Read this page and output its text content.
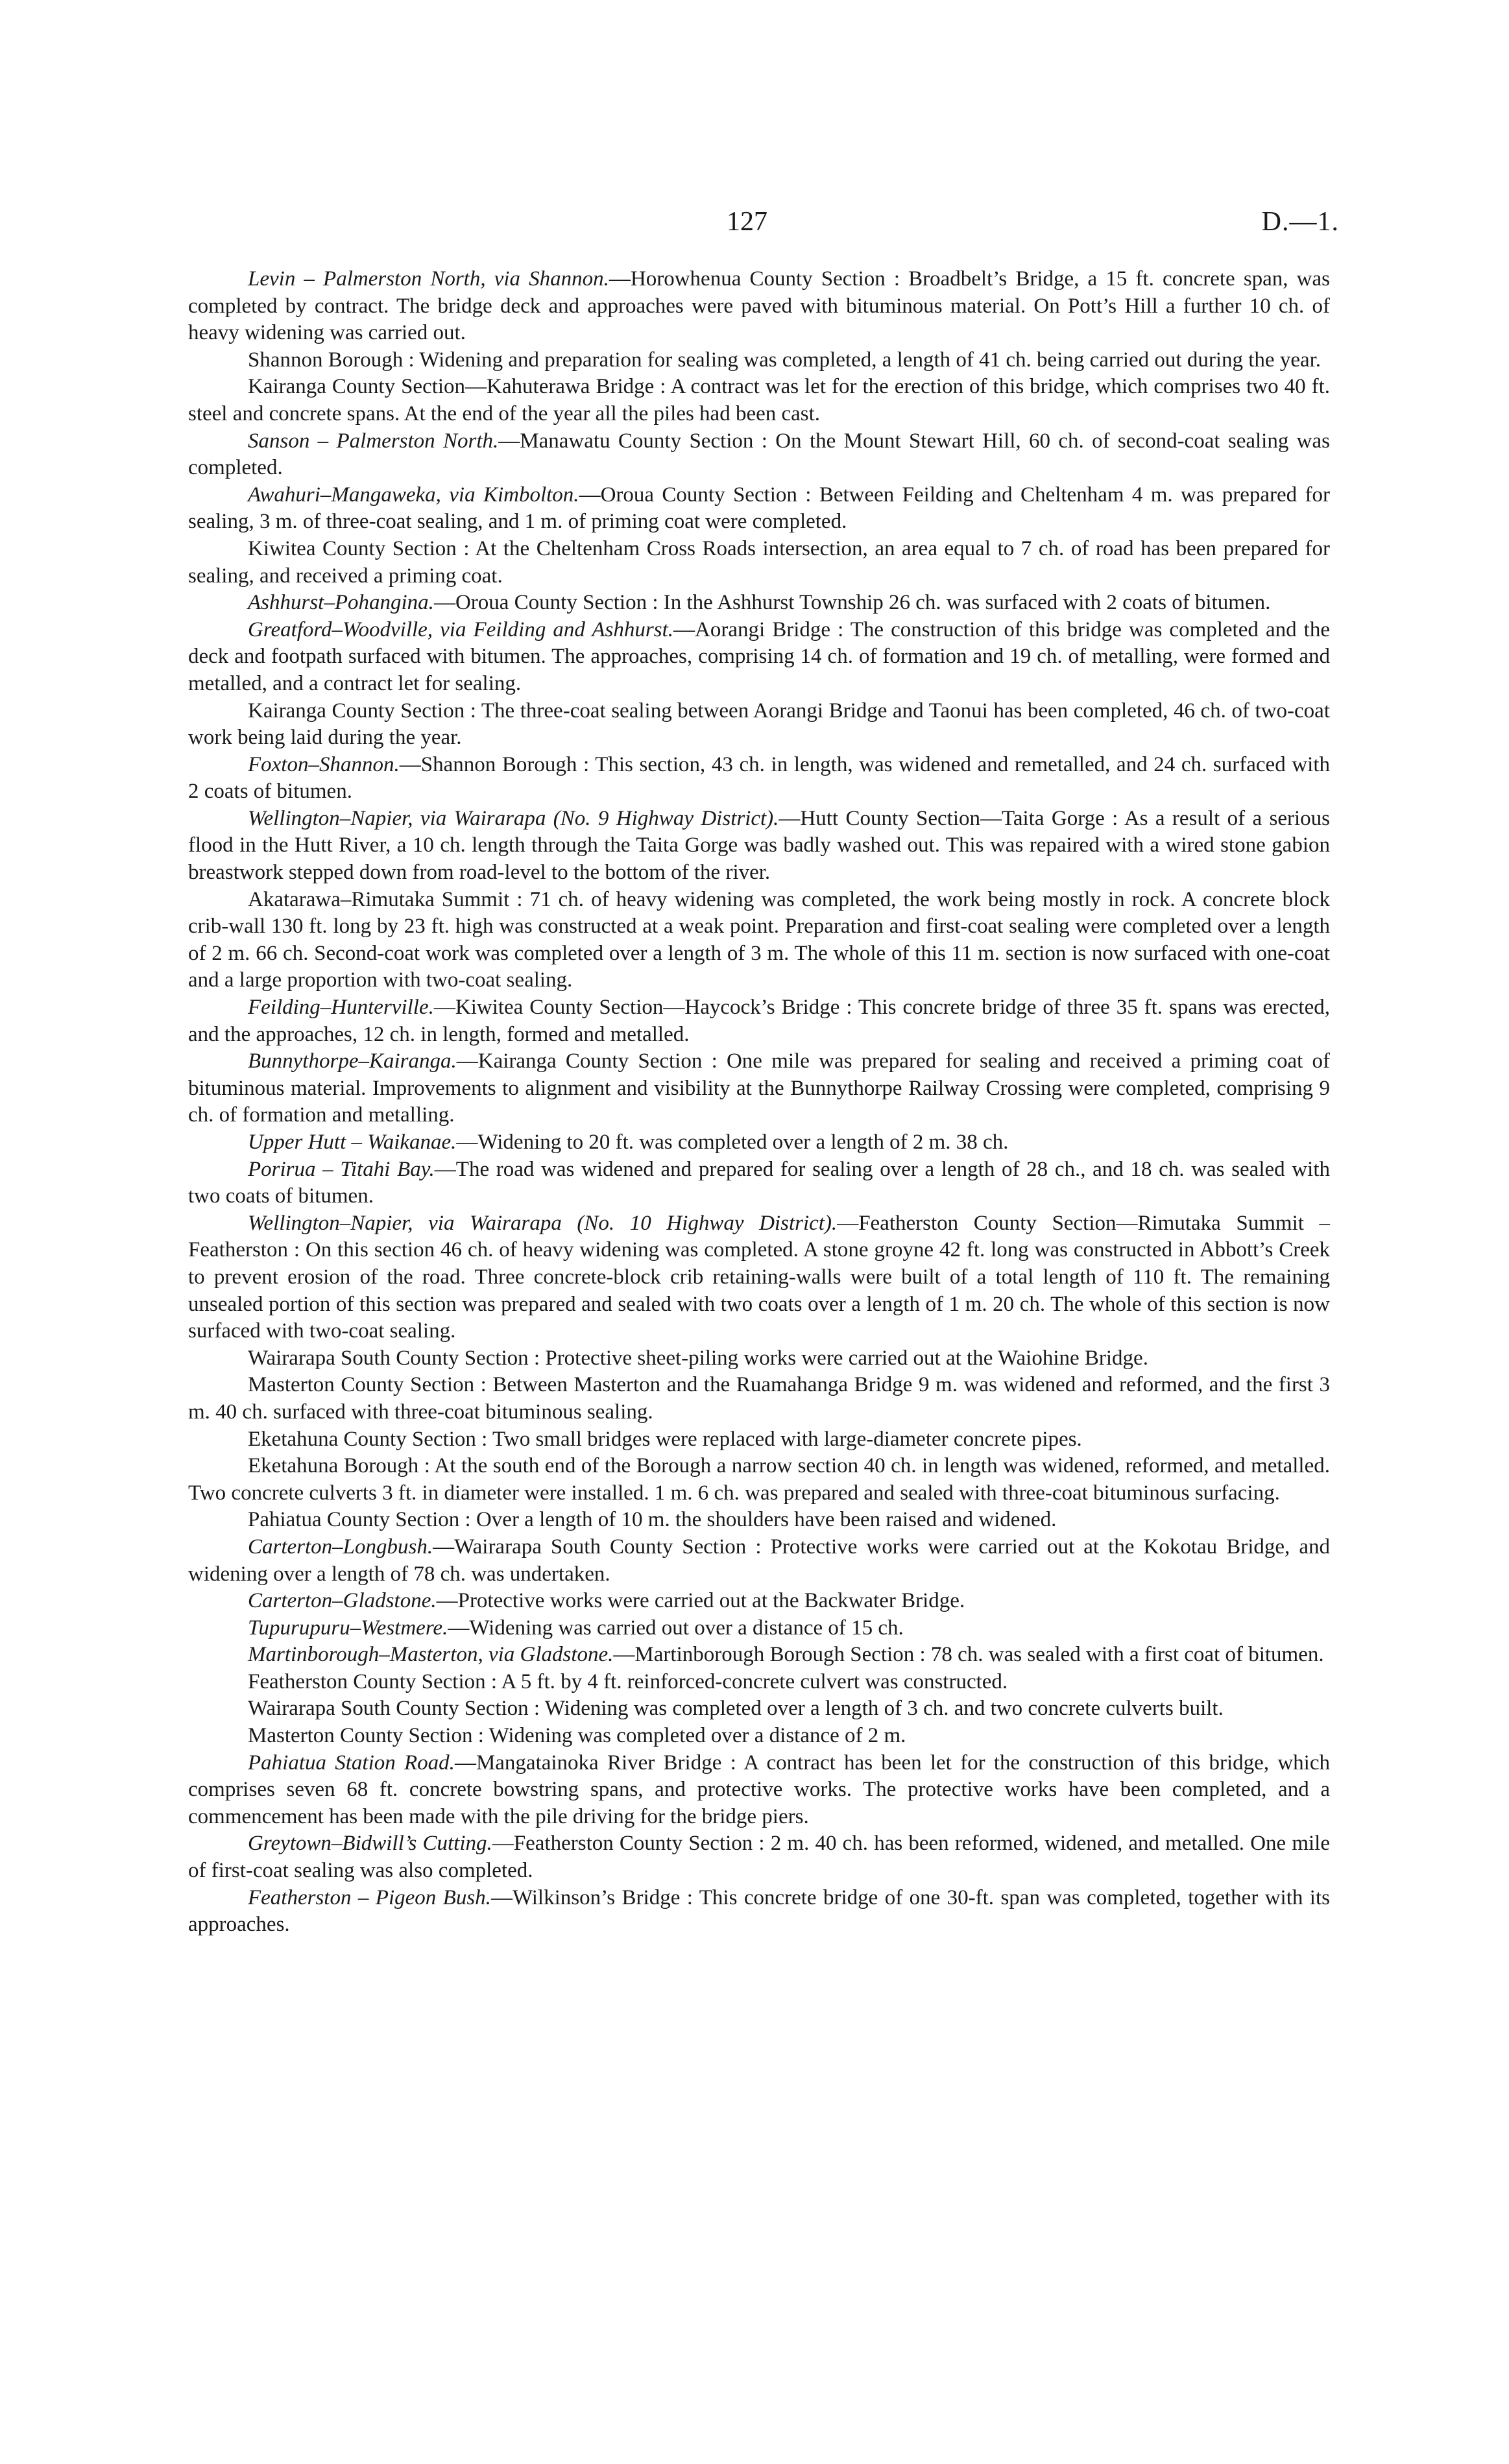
127	D.—1.

Levin – Palmerston North, via Shannon.—Horowhenua County Section : Broadbelt’s Bridge, a 15 ft. concrete span, was completed by contract. The bridge deck and approaches were paved with bituminous material. On Pott’s Hill a further 10 ch. of heavy widening was carried out.

Shannon Borough : Widening and preparation for sealing was completed, a length of 41 ch. being carried out during the year.

Kairanga County Section—Kahuterawa Bridge : A contract was let for the erection of this bridge, which comprises two 40 ft. steel and concrete spans. At the end of the year all the piles had been cast.

Sanson – Palmerston North.—Manawatu County Section : On the Mount Stewart Hill, 60 ch. of second-coat sealing was completed.

Awahuri–Mangaweka, via Kimbolton.—Oroua County Section : Between Feilding and Cheltenham 4 m. was prepared for sealing, 3 m. of three-coat sealing, and 1 m. of priming coat were completed.

Kiwitea County Section : At the Cheltenham Cross Roads intersection, an area equal to 7 ch. of road has been prepared for sealing, and received a priming coat.

Ashhurst–Pohangina.—Oroua County Section : In the Ashhurst Township 26 ch. was surfaced with 2 coats of bitumen.

Greatford–Woodville, via Feilding and Ashhurst.—Aorangi Bridge : The construction of this bridge was completed and the deck and footpath surfaced with bitumen. The approaches, comprising 14 ch. of formation and 19 ch. of metalling, were formed and metalled, and a contract let for sealing.

Kairanga County Section : The three-coat sealing between Aorangi Bridge and Taonui has been completed, 46 ch. of two-coat work being laid during the year.

Foxton–Shannon.—Shannon Borough : This section, 43 ch. in length, was widened and remetalled, and 24 ch. surfaced with 2 coats of bitumen.

Wellington–Napier, via Wairarapa (No. 9 Highway District).—Hutt County Section—Taita Gorge : As a result of a serious flood in the Hutt River, a 10 ch. length through the Taita Gorge was badly washed out. This was repaired with a wired stone gabion breastwork stepped down from road-level to the bottom of the river.

Akatarawa–Rimutaka Summit : 71 ch. of heavy widening was completed, the work being mostly in rock. A concrete block crib-wall 130 ft. long by 23 ft. high was constructed at a weak point. Preparation and first-coat sealing were completed over a length of 2 m. 66 ch. Second-coat work was completed over a length of 3 m. The whole of this 11 m. section is now surfaced with one-coat and a large proportion with two-coat sealing.

Feilding–Hunterville.—Kiwitea County Section—Haycock’s Bridge : This concrete bridge of three 35 ft. spans was erected, and the approaches, 12 ch. in length, formed and metalled.

Bunnythorpe–Kairanga.—Kairanga County Section : One mile was prepared for sealing and received a priming coat of bituminous material. Improvements to alignment and visibility at the Bunnythorpe Railway Crossing were completed, comprising 9 ch. of formation and metalling.

Upper Hutt – Waikanae.—Widening to 20 ft. was completed over a length of 2 m. 38 ch.

Porirua – Titahi Bay.—The road was widened and prepared for sealing over a length of 28 ch., and 18 ch. was sealed with two coats of bitumen.

Wellington–Napier, via Wairarapa (No. 10 Highway District).—Featherston County Section—Rimutaka Summit – Featherston : On this section 46 ch. of heavy widening was completed. A stone groyne 42 ft. long was constructed in Abbott’s Creek to prevent erosion of the road. Three concrete-block crib retaining-walls were built of a total length of 110 ft. The remaining unsealed portion of this section was prepared and sealed with two coats over a length of 1 m. 20 ch. The whole of this section is now surfaced with two-coat sealing.

Wairarapa South County Section : Protective sheet-piling works were carried out at the Waiohine Bridge.

Masterton County Section : Between Masterton and the Ruamahanga Bridge 9 m. was widened and reformed, and the first 3 m. 40 ch. surfaced with three-coat bituminous sealing.

Eketahuna County Section : Two small bridges were replaced with large-diameter concrete pipes.

Eketahuna Borough : At the south end of the Borough a narrow section 40 ch. in length was widened, reformed, and metalled. Two concrete culverts 3 ft. in diameter were installed. 1 m. 6 ch. was prepared and sealed with three-coat bituminous surfacing.

Pahiatua County Section : Over a length of 10 m. the shoulders have been raised and widened.

Carterton–Longbush.—Wairarapa South County Section : Protective works were carried out at the Kokotau Bridge, and widening over a length of 78 ch. was undertaken.

Carterton–Gladstone.—Protective works were carried out at the Backwater Bridge.

Tupurupuru–Westmere.—Widening was carried out over a distance of 15 ch.

Martinborough–Masterton, via Gladstone.—Martinborough Borough Section : 78 ch. was sealed with a first coat of bitumen.

Featherston County Section : A 5 ft. by 4 ft. reinforced-concrete culvert was constructed.

Wairarapa South County Section : Widening was completed over a length of 3 ch. and two concrete culverts built.

Masterton County Section : Widening was completed over a distance of 2 m.

Pahiatua Station Road.—Mangatainoka River Bridge : A contract has been let for the construction of this bridge, which comprises seven 68 ft. concrete bowstring spans, and protective works. The protective works have been completed, and a commencement has been made with the pile driving for the bridge piers.

Greytown–Bidwill’s Cutting.—Featherston County Section : 2 m. 40 ch. has been reformed, widened, and metalled. One mile of first-coat sealing was also completed.

Featherston – Pigeon Bush.—Wilkinson’s Bridge : This concrete bridge of one 30-ft. span was completed, together with its approaches.
